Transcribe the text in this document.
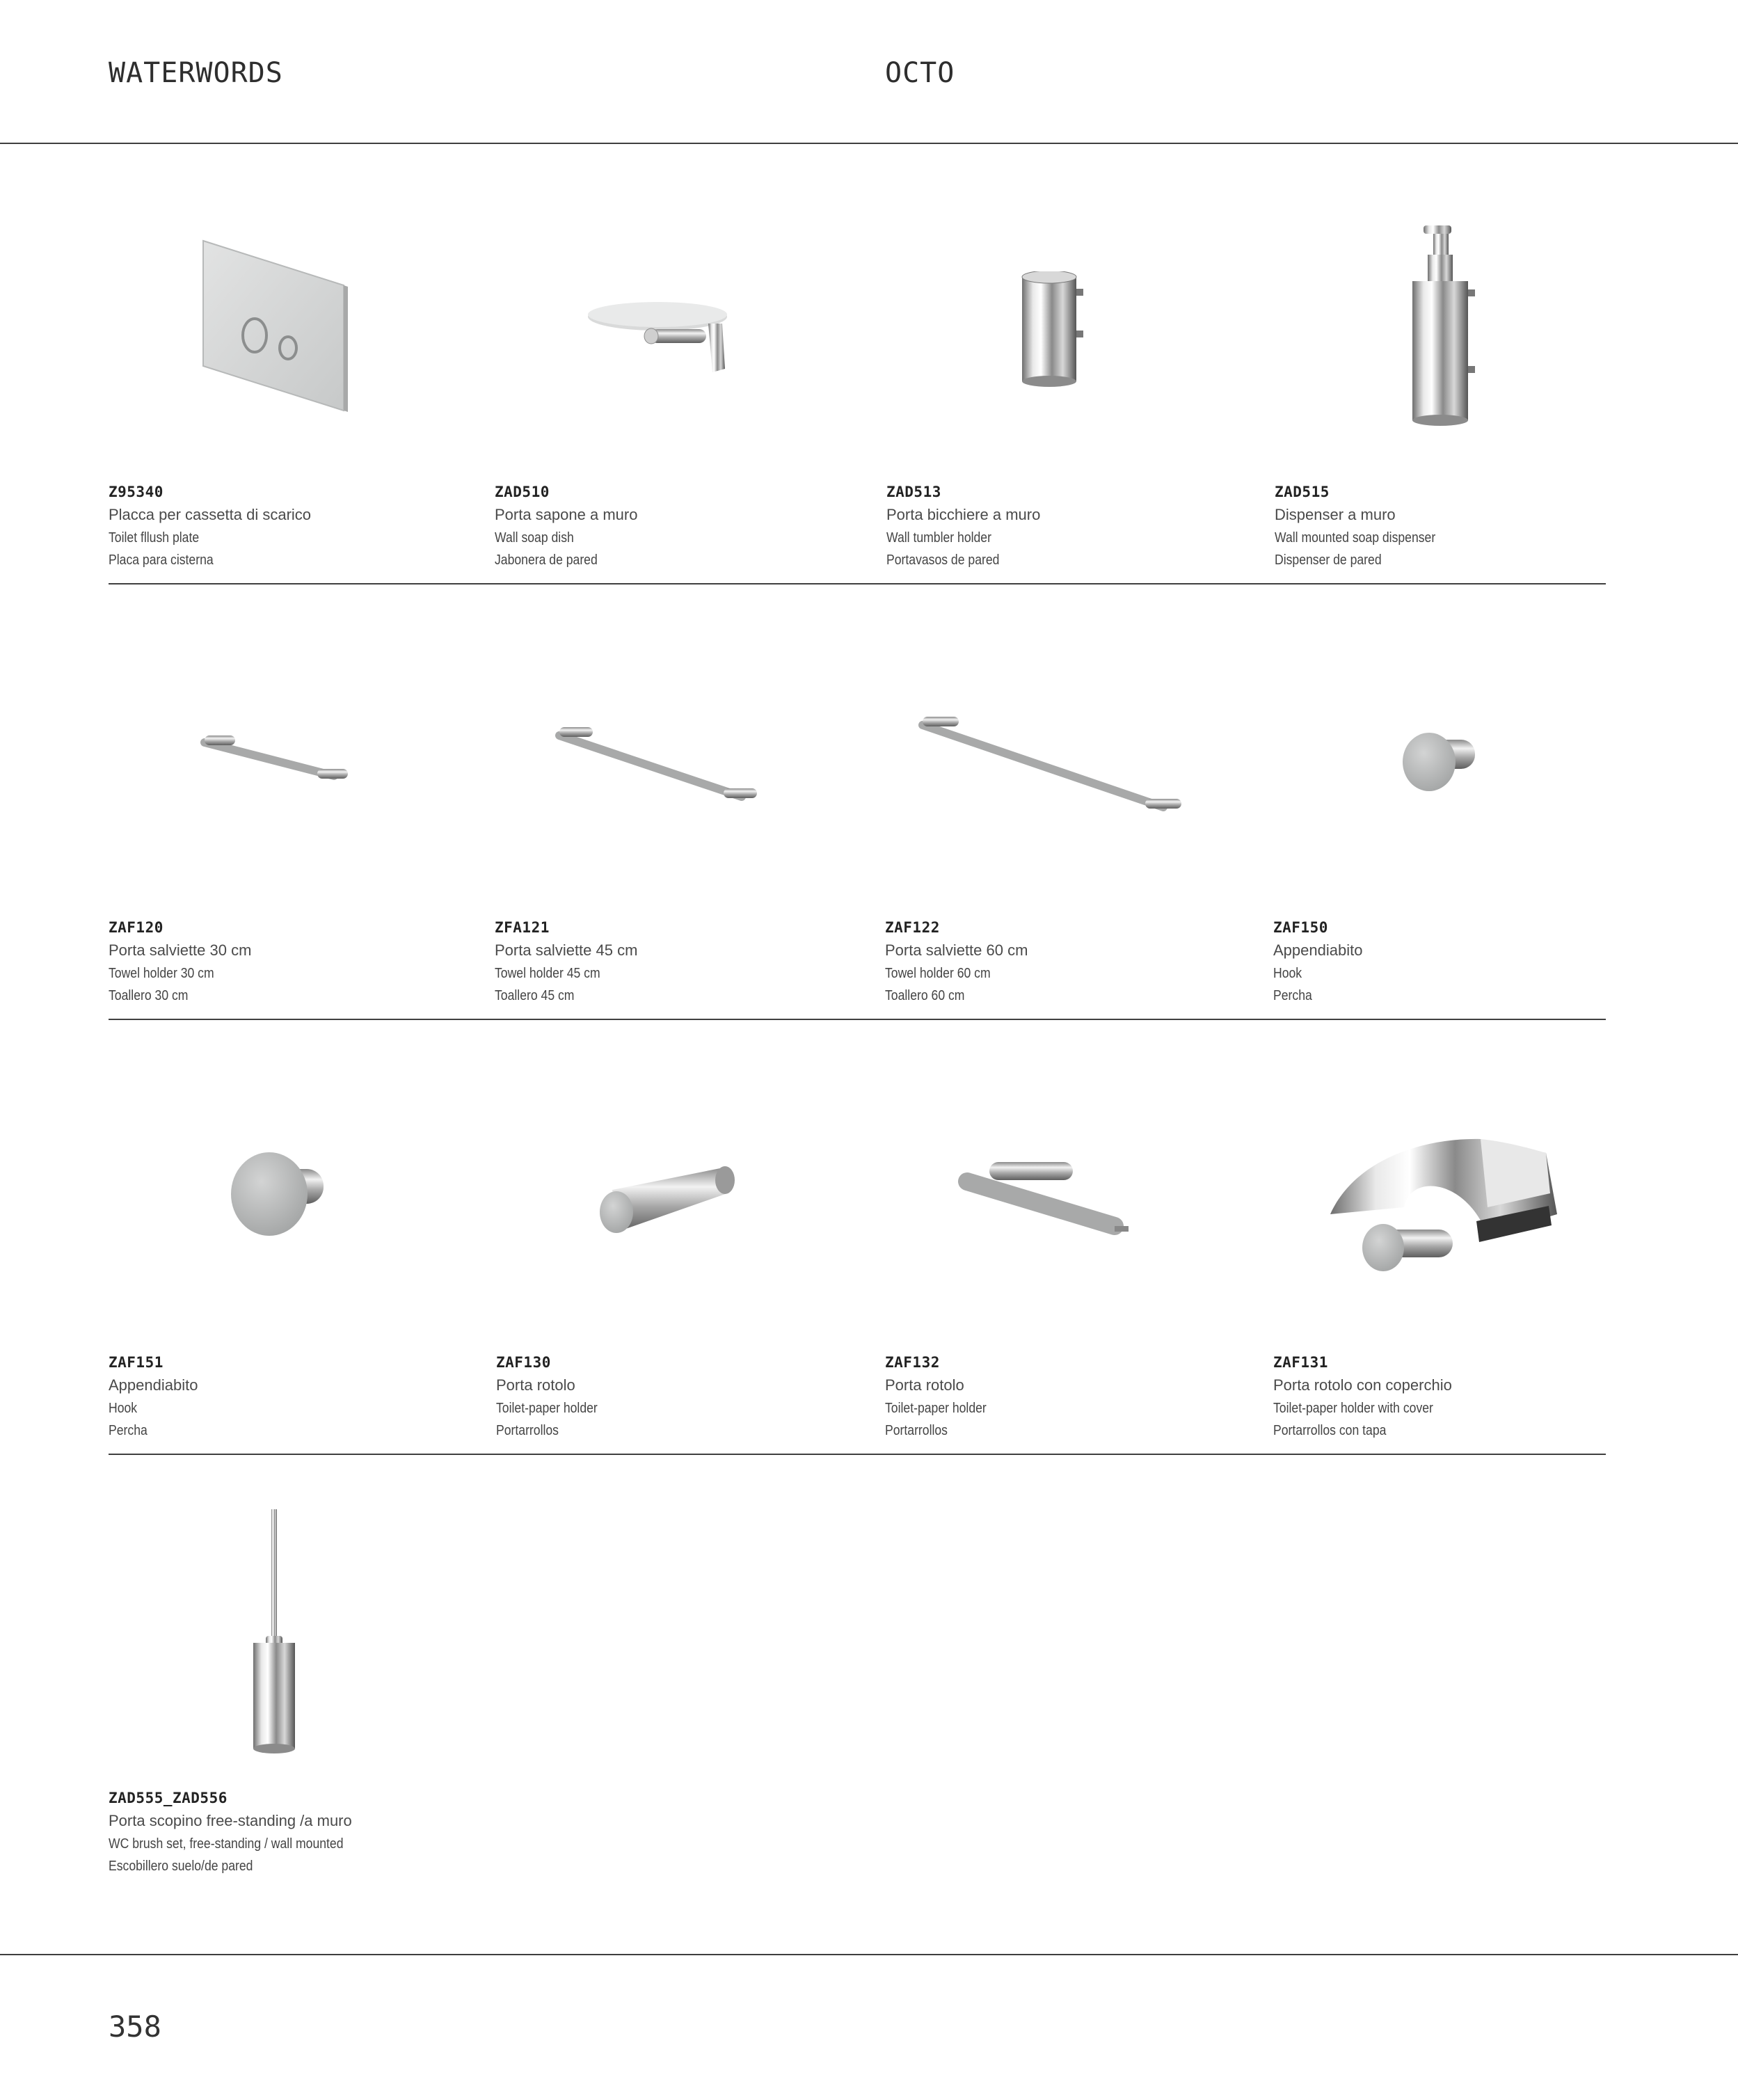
WATERWORDS	OCTO

Z95340

Placca per cassetta di scarico

Toilet fllush plate

Placa para cisterna

ZAD510

Porta sapone a muro

Wall soap dish

Jabonera de pared

ZAD513

Porta bicchiere a muro

Wall tumbler holder

Portavasos de pared

ZAD515

Dispenser a muro

Wall mounted soap dispenser

Dispenser de pared

ZAF120

Porta salviette 30 cm

Towel holder 30 cm

Toallero 30 cm

ZFA121

Porta salviette 45 cm

Towel holder 45 cm

Toallero 45 cm

ZAF122

Porta salviette 60 cm

Towel holder 60 cm

Toallero 60 cm

ZAF150

Appendiabito

Hook

Percha

ZAF151

Appendiabito

Hook

Percha

ZAF130

Porta rotolo

Toilet-paper holder

Portarrollos

ZAF132

Porta rotolo

Toilet-paper holder

Portarrollos

ZAF131

Porta rotolo con coperchio

Toilet-paper holder with cover

Portarrollos con tapa

ZAD555_ZAD556

Porta scopino free-standing /a muro

WC brush set, free-standing / wall mounted

Escobillero suelo/de pared

358
